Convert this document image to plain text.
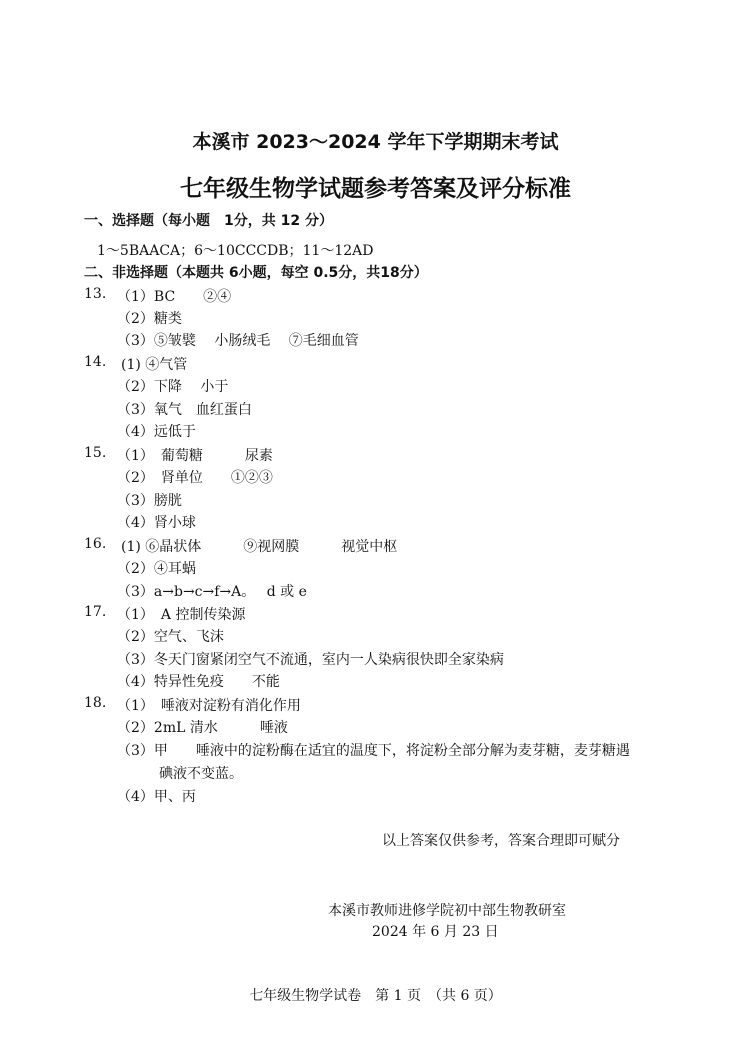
本溪市 2023～2024 学年下学期期末考试
七年级生物学试题参考答案及评分标准
一、选择题（每小题　1分，共 12 分）
1～5BAACA；6～10CCCDB；11～12AD
二、非选择题（本题共 6小题，每空 0.5分，共18分）
13. （1）BC　　②④
（2）糖类
（3）⑤皱襞　 小肠绒毛　 ⑦毛细血管
14. (1) ④气管
（2）下降　 小于
（3）氧气　血红蛋白
（4）远低于
15. （1）　葡萄糖　　　尿素
（2）　肾单位　　①②③
（3）膀胱
（4）肾小球
16. (1) ⑥晶状体　　　⑨视网膜　　　视觉中枢
（2）④耳蜗
（3）a→b→c→f→A。　 d 或 e
17. （1）　A 控制传染源
（2）空气、飞沫
（3）冬天门窗紧闭空气不流通，室内一人染病很快即全家染病
（4）特异性免疫　　不能
18. （1）　唾液对淀粉有消化作用
（2）2mL 清水　　　唾液
（3）甲　　唾液中的淀粉酶在适宜的温度下，将淀粉全部分解为麦芽糖，麦芽糖遇
　　　碘液不变蓝。
（4）甲、丙
以上答案仅供参考，答案合理即可赋分
本溪市教师进修学院初中部生物教研室
2024 年 6 月 23 日
七年级生物学试卷　第 1 页　（共 6 页）
